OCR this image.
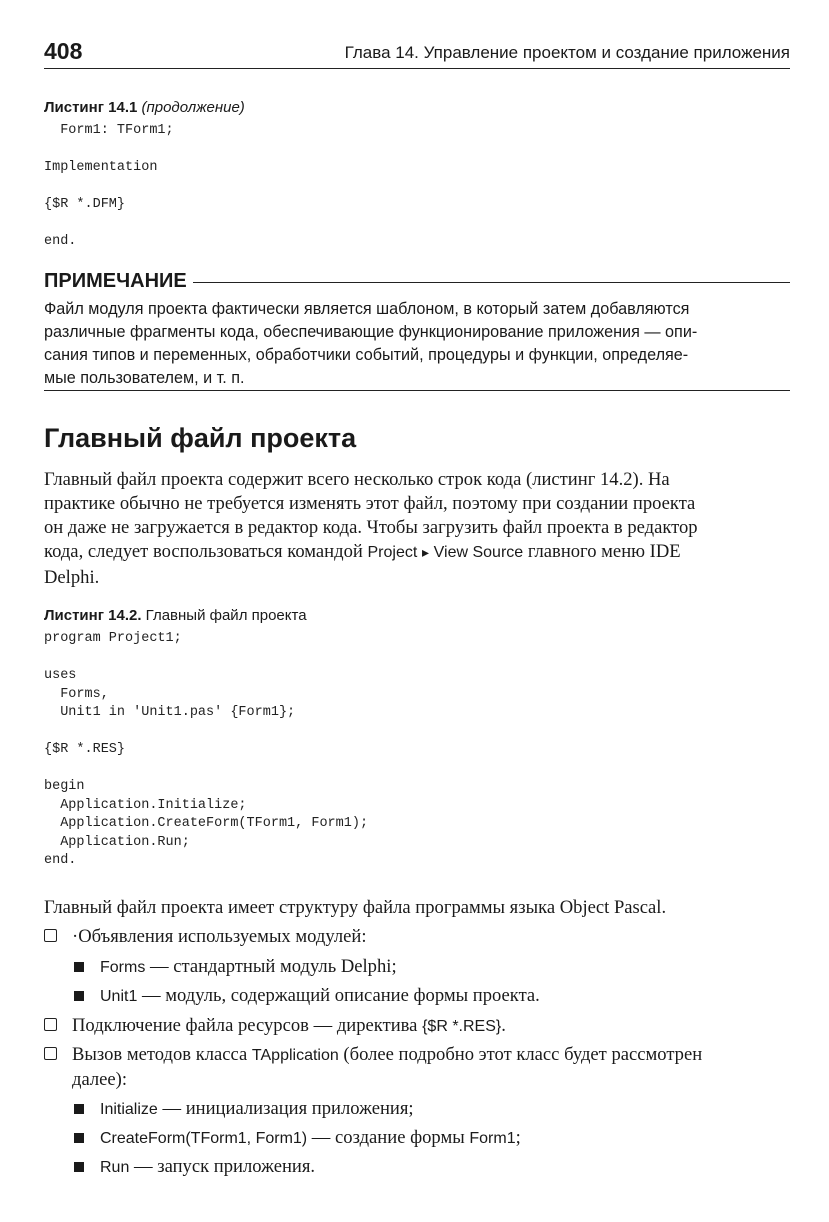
408	Глава 14. Управление проектом и создание приложения
Листинг 14.1 (продолжение)
Form1: TForm1;

Implementation

{$R *.DFM}

end.
ПРИМЕЧАНИЕ
Файл модуля проекта фактически является шаблоном, в который затем добавляются
различные фрагменты кода, обеспечивающие функционирование приложения — опи-
сания типов и переменных, обработчики событий, процедуры и функции, определяе-
мые пользователем, и т. п.
Главный файл проекта
Главный файл проекта содержит всего несколько строк кода (листинг 14.2). На
практике обычно не требуется изменять этот файл, поэтому при создании проекта
он даже не загружается в редактор кода. Чтобы загрузить файл проекта в редактор
кода, следует воспользоваться командой Project ▸ View Source главного меню IDE
Delphi.
Листинг 14.2. Главный файл проекта
program Project1;

uses
Forms,
Unit1 in 'Unit1.pas' {Form1};

{$R *.RES}

begin
Application.Initialize;
Application.CreateForm(TForm1, Form1);
Application.Run;
end.
Главный файл проекта имеет структуру файла программы языка Object Pascal.
·Объявления используемых модулей:
Forms — стандартный модуль Delphi;
Unit1 — модуль, содержащий описание формы проекта.
Подключение файла ресурсов — директива {$R *.RES}.
Вызов методов класса TApplication (более подробно этот класс будет рассмотрен
далее):
Initialize — инициализация приложения;
CreateForm(TForm1, Form1) — создание формы Form1;
Run — запуск приложения.
